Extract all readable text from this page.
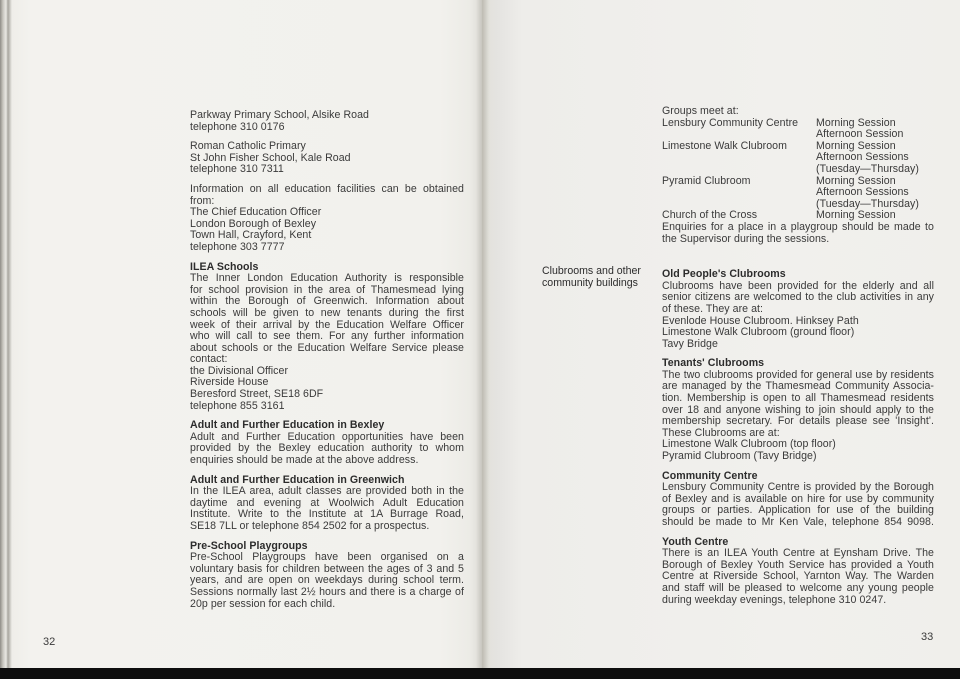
Parkway Primary School, Alsike Road
telephone 310 0176
Roman Catholic Primary
St John Fisher School, Kale Road
telephone 310 7311
Information on all education facilities can be obtained
from:
The Chief Education Officer
London Borough of Bexley
Town Hall, Crayford, Kent
telephone 303 7777
ILEA Schools
The Inner London Education Authority is responsible
for school provision in the area of Thamesmead lying
within the Borough of Greenwich. Information about
schools will be given to new tenants during the first
week of their arrival by the Education Welfare Officer
who will call to see them. For any further information
about schools or the Education Welfare Service please
contact:
the Divisional Officer
Riverside House
Beresford Street, SE18 6DF
telephone 855 3161
Adult and Further Education in Bexley
Adult and Further Education opportunities have been
provided by the Bexley education authority to whom
enquiries should be made at the above address.
Adult and Further Education in Greenwich
In the ILEA area, adult classes are provided both in the
daytime and evening at Woolwich Adult Education
Institute. Write to the Institute at 1A Burrage Road,
SE18 7LL or telephone 854 2502 for a prospectus.
Pre-School Playgroups
Pre-School Playgroups have been organised on a
voluntary basis for children between the ages of 3 and 5
years, and are open on weekdays during school term.
Sessions normally last 2½ hours and there is a charge of
20p per session for each child.
32
Clubrooms and other
community buildings
Groups meet at:
Lensbury Community Centre	Morning Session
Afternoon Session
Limestone Walk Clubroom	Morning Session
Afternoon Sessions
(Tuesday—Thursday)
Pyramid Clubroom	Morning Session
Afternoon Sessions
(Tuesday—Thursday)
Church of the Cross	Morning Session
Enquiries for a place in a playgroup should be made to
the Supervisor during the sessions.
Old People's Clubrooms
Clubrooms have been provided for the elderly and all
senior citizens are welcomed to the club activities in any
of these. They are at:
Evenlode House Clubroom. Hinksey Path
Limestone Walk Clubroom (ground floor)
Tavy Bridge
Tenants' Clubrooms
The two clubrooms provided for general use by residents
are managed by the Thamesmead Community Associa-
tion. Membership is open to all Thamesmead residents
over 18 and anyone wishing to join should apply to the
membership secretary. For details please see 'Insight'.
These Clubrooms are at:
Limestone Walk Clubroom (top floor)
Pyramid Clubroom (Tavy Bridge)
Community Centre
Lensbury Community Centre is provided by the Borough
of Bexley and is available on hire for use by community
groups or parties. Application for use of the building
should be made to Mr Ken Vale, telephone 854 9098.
Youth Centre
There is an ILEA Youth Centre at Eynsham Drive. The
Borough of Bexley Youth Service has provided a Youth
Centre at Riverside School, Yarnton Way. The Warden
and staff will be pleased to welcome any young people
during weekday evenings, telephone 310 0247.
33
